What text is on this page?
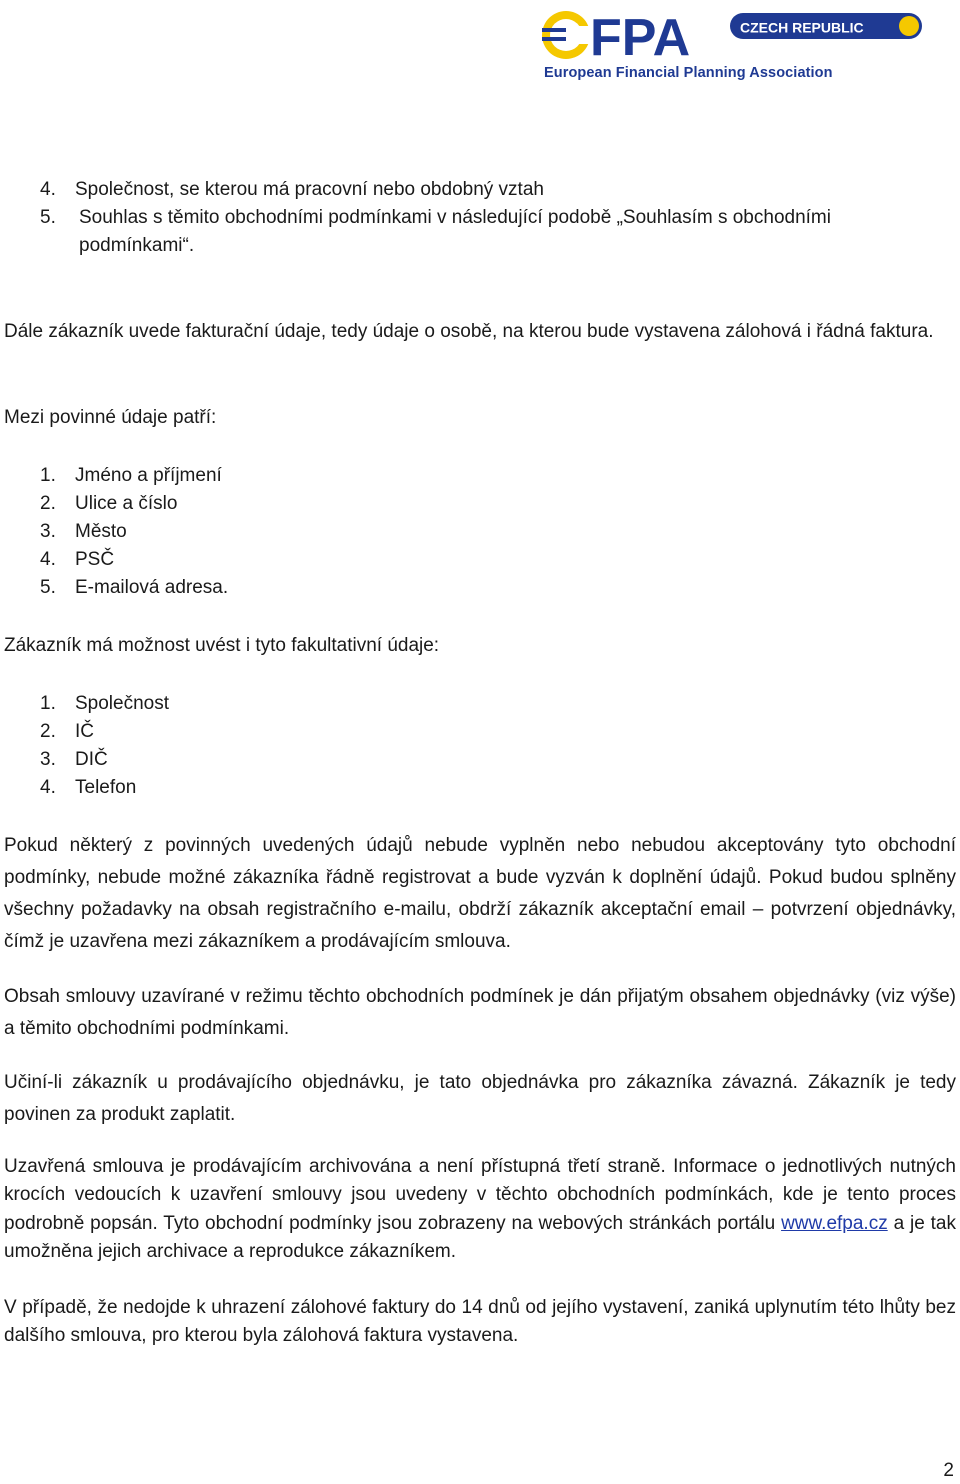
FPA	CZECH REPUBLIC
European Financial Planning Association
4. Společnost, se kterou má pracovní nebo obdobný vztah
5. Souhlas s těmito obchodními podmínkami v následující podobě „Souhlasím s obchodními
podmínkami“.
Dále zákazník uvede fakturační údaje, tedy údaje o osobě, na kterou bude vystavena zálohová i řádná faktura.
Mezi povinné údaje patří:
1. Jméno a příjmení
2. Ulice a číslo
3. Město
4. PSČ
5. E-mailová adresa.
Zákazník má možnost uvést i tyto fakultativní údaje:
1. Společnost
2. IČ
3. DIČ
4. Telefon
Pokud některý z povinných uvedených údajů nebude vyplněn nebo nebudou akceptovány tyto obchodní podmínky, nebude možné zákazníka řádně registrovat a bude vyzván k doplnění údajů. Pokud budou splněny všechny požadavky na obsah registračního e-mailu, obdrží zákazník akceptační email – potvrzení objednávky, čímž je uzavřena mezi zákazníkem a prodávajícím smlouva.
Obsah smlouvy uzavírané v režimu těchto obchodních podmínek je dán přijatým obsahem objednávky (viz výše) a těmito obchodními podmínkami.
Učiní-li zákazník u prodávajícího objednávku, je tato objednávka pro zákazníka závazná. Zákazník je tedy povinen za produkt zaplatit.
Uzavřená smlouva je prodávajícím archivována a není přístupná třetí straně. Informace o jednotlivých nutných krocích vedoucích k uzavření smlouvy jsou uvedeny v těchto obchodních podmínkách, kde je tento proces podrobně popsán. Tyto obchodní podmínky jsou zobrazeny na webových stránkách portálu www.efpa.cz a je tak umožněna jejich archivace a reprodukce zákazníkem.
V případě, že nedojde k uhrazení zálohové faktury do 14 dnů od jejího vystavení, zaniká uplynutím této lhůty bez dalšího smlouva, pro kterou byla zálohová faktura vystavena.
2
